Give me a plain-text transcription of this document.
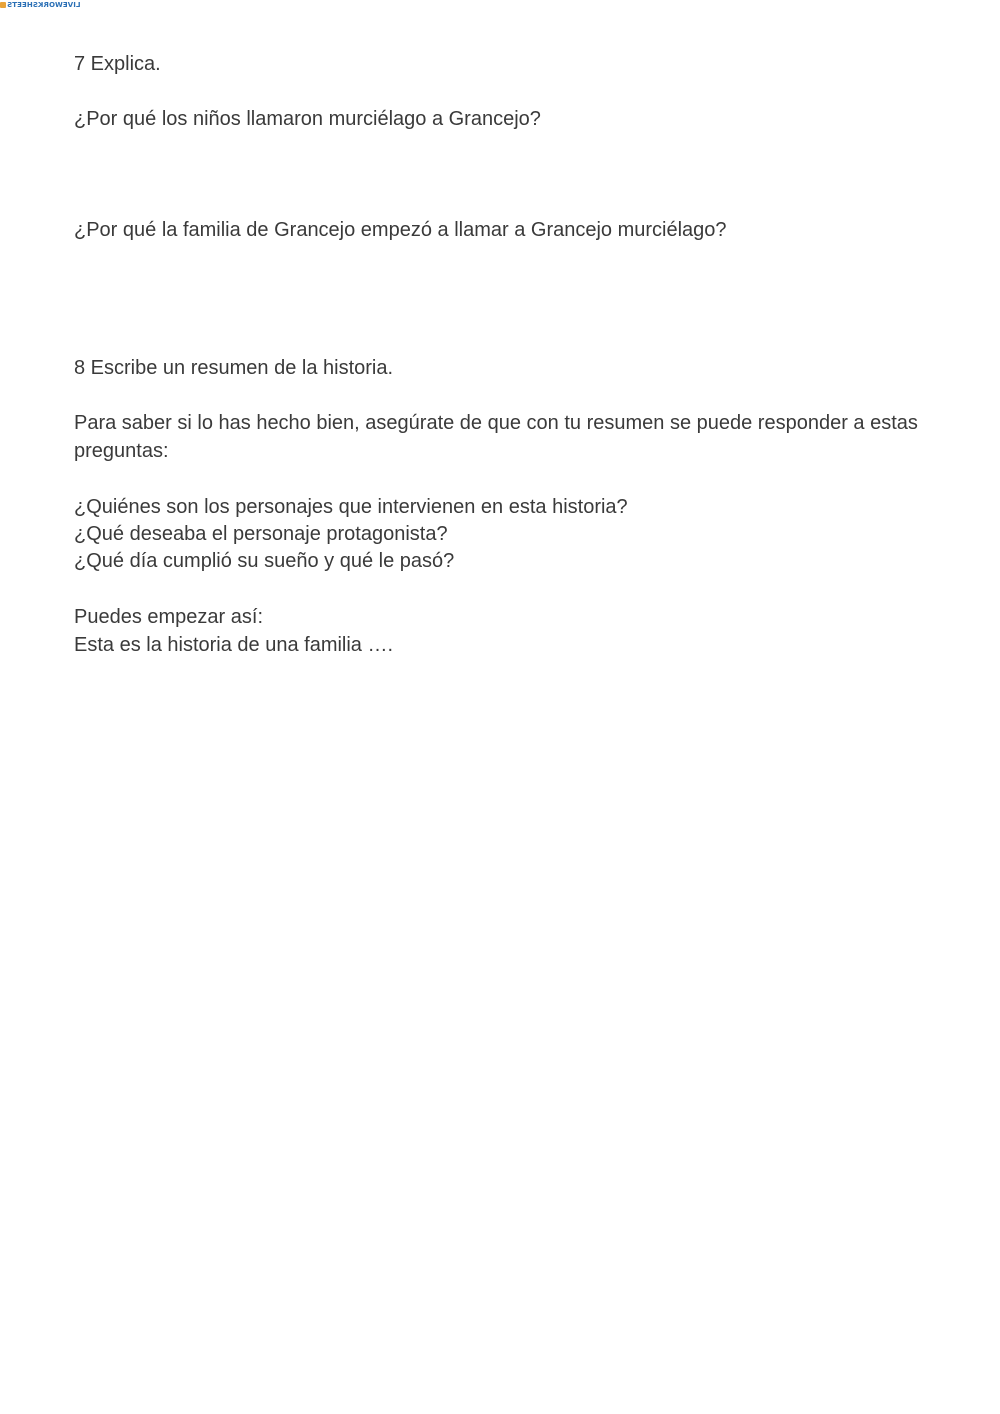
LIVEWORKSHEETS
7 Explica.
¿Por qué los niños llamaron murciélago a Grancejo?
¿Por qué la familia de Grancejo empezó a llamar a Grancejo murciélago?
8 Escribe un resumen de la historia.
Para saber si lo has hecho bien, asegúrate de que con tu resumen se puede responder a estas preguntas:
¿Quiénes son los personajes que intervienen en esta historia?
¿Qué deseaba el personaje protagonista?
¿Qué día cumplió su sueño y qué le pasó?
Puedes empezar así:
Esta es la historia de una familia ….
